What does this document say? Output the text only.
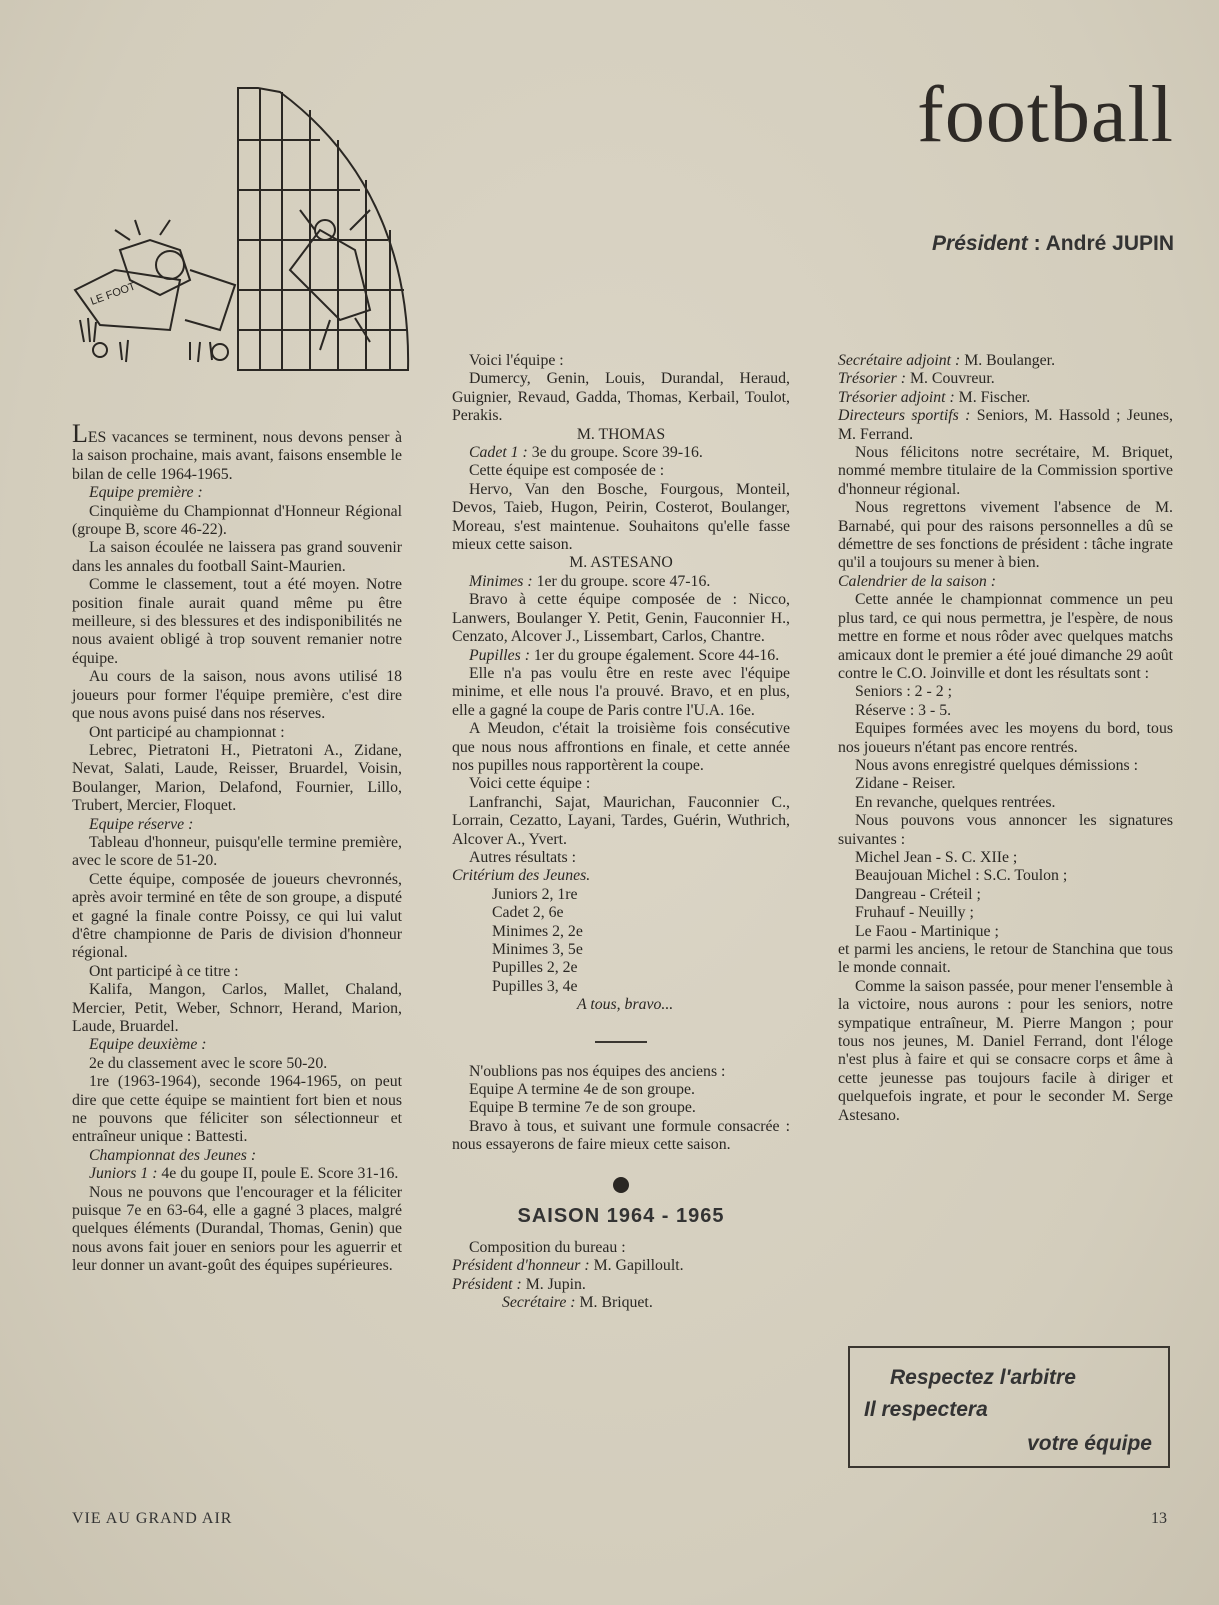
football
Président : André JUPIN
LE FOOT

LES vacances se terminent, nous devons penser à la saison prochaine, mais avant, faisons ensemble le bilan de celle 1964-1965.

Equipe première :

Cinquième du Championnat d'Honneur Régional (groupe B, score 46-22).

La saison écoulée ne laissera pas grand souvenir dans les annales du football Saint-Maurien.

Comme le classement, tout a été moyen. Notre position finale aurait quand même pu être meilleure, si des blessures et des indisponibilités ne nous avaient obligé à trop souvent remanier notre équipe.

Au cours de la saison, nous avons utilisé 18 joueurs pour former l'équipe première, c'est dire que nous avons puisé dans nos réserves.

Ont participé au championnat :

Lebrec, Pietratoni H., Pietratoni A., Zidane, Nevat, Salati, Laude, Reisser, Bruardel, Voisin, Boulanger, Marion, Delafond, Fournier, Lillo, Trubert, Mercier, Floquet.

Equipe réserve :

Tableau d'honneur, puisqu'elle termine première, avec le score de 51-20.

Cette équipe, composée de joueurs chevronnés, après avoir terminé en tête de son groupe, a disputé et gagné la finale contre Poissy, ce qui lui valut d'être championne de Paris de division d'honneur régional.

Ont participé à ce titre :

Kalifa, Mangon, Carlos, Mallet, Chaland, Mercier, Petit, Weber, Schnorr, Herand, Marion, Laude, Bruardel.

Equipe deuxième :

2e du classement avec le score 50-20.

1re (1963-1964), seconde 1964-1965, on peut dire que cette équipe se maintient fort bien et nous ne pouvons que féliciter son sélectionneur et entraîneur unique : Battesti.

Championnat des Jeunes :

Juniors 1 : 4e du goupe II, poule E. Score 31-16.

Nous ne pouvons que l'encourager et la féliciter puisque 7e en 63-64, elle a gagné 3 places, malgré quelques éléments (Durandal, Thomas, Genin) que nous avons fait jouer en seniors pour les aguerrir et leur donner un avant-goût des équipes supérieures.

Voici l'équipe :

Dumercy, Genin, Louis, Durandal, Heraud, Guignier, Revaud, Gadda, Thomas, Kerbail, Toulot, Perakis.

M. THOMAS

Cadet 1 : 3e du groupe. Score 39-16.

Cette équipe est composée de :

Hervo, Van den Bosche, Fourgous, Monteil, Devos, Taieb, Hugon, Peirin, Costerot, Boulanger, Moreau, s'est maintenue. Souhaitons qu'elle fasse mieux cette saison.

M. ASTESANO

Minimes : 1er du groupe. score 47-16.

Bravo à cette équipe composée de : Nicco, Lanwers, Boulanger Y. Petit, Genin, Fauconnier H., Cenzato, Alcover J., Lissembart, Carlos, Chantre.

Pupilles : 1er du groupe également. Score 44-16.

Elle n'a pas voulu être en reste avec l'équipe minime, et elle nous l'a prouvé. Bravo, et en plus, elle a gagné la coupe de Paris contre l'U.A. 16e.

A Meudon, c'était la troisième fois consécutive que nous nous affrontions en finale, et cette année nos pupilles nous rapportèrent la coupe.

Voici cette équipe :

Lanfranchi, Sajat, Maurichan, Fauconnier C., Lorrain, Cezatto, Layani, Tardes, Guérin, Wuthrich, Alcover A., Yvert.

Autres résultats :

Critérium des Jeunes.

Juniors 2, 1re

Cadet 2, 6e

Minimes 2, 2e

Minimes 3, 5e

Pupilles 2, 2e

Pupilles 3, 4e

A tous, bravo...

N'oublions pas nos équipes des anciens :

Equipe A termine 4e de son groupe.

Equipe B termine 7e de son groupe.

Bravo à tous, et suivant une formule consacrée : nous essayerons de faire mieux cette saison.

SAISON 1964 - 1965

Composition du bureau :

Président d'honneur : M. Gapilloult.

Président : M. Jupin.

Secrétaire : M. Briquet.

Secrétaire adjoint : M. Boulanger.

Trésorier : M. Couvreur.

Trésorier adjoint : M. Fischer.

Directeurs sportifs : Seniors, M. Hassold ; Jeunes, M. Ferrand.

Nous félicitons notre secrétaire, M. Briquet, nommé membre titulaire de la Commission sportive d'honneur régional.

Nous regrettons vivement l'absence de M. Barnabé, qui pour des raisons personnelles a dû se démettre de ses fonctions de président : tâche ingrate qu'il a toujours su mener à bien.

Calendrier de la saison :

Cette année le championnat commence un peu plus tard, ce qui nous permettra, je l'espère, de nous mettre en forme et nous rôder avec quelques matchs amicaux dont le premier a été joué dimanche 29 août contre le C.O. Joinville et dont les résultats sont :

Seniors : 2 - 2 ;

Réserve : 3 - 5.

Equipes formées avec les moyens du bord, tous nos joueurs n'étant pas encore rentrés.

Nous avons enregistré quelques démissions :

Zidane - Reiser.

En revanche, quelques rentrées.

Nous pouvons vous annoncer les signatures suivantes :

Michel Jean - S. C. XIIe ;

Beaujouan Michel : S.C. Toulon ;

Dangreau - Créteil ;

Fruhauf - Neuilly ;

Le Faou - Martinique ;

et parmi les anciens, le retour de Stanchina que tous le monde connait.

Comme la saison passée, pour mener l'ensemble à la victoire, nous aurons : pour les seniors, notre sympatique entraîneur, M. Pierre Mangon ; pour tous nos jeunes, M. Daniel Ferrand, dont l'éloge n'est plus à faire et qui se consacre corps et âme à cette jeunesse pas toujours facile à diriger et quelquefois ingrate, et pour le seconder M. Serge Astesano.

Respectez l'arbitre
Il respectera
votre équipe
VIE AU GRAND AIR	13
